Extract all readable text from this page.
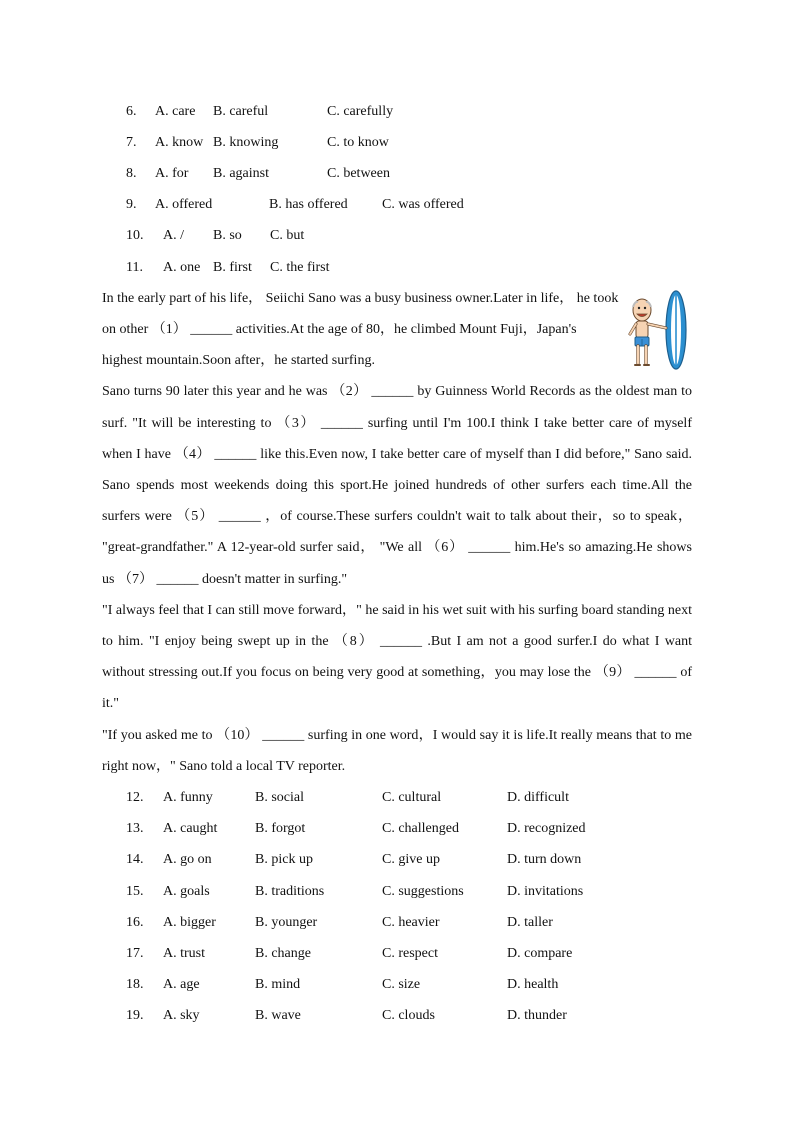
6. A. care B. careful	C. carefully
7. A. know B. knowing	C. to know
8. A. for B. against	C. between
9. A. offered	B. has offered C. was offered
10. A. / B. so C. but
11. A. one B. first C. the first
In the early part of his life， Seiichi Sano was a busy business owner.Later in life， he took
on other （1） ______ activities.At the age of 80，he climbed Mount Fuji，Japan's
highest mountain.Soon after，he started surfing.
Sano turns 90 later this year and he was （2） ______ by Guinness World Records as the oldest man to
surf. "It will be interesting to （3） ______ surfing until I'm 100.I think I take better care of myself
when I have （4） ______ like this.Even now, I take better care of myself than I did before," Sano said.
Sano spends most weekends doing this sport.He joined hundreds of other surfers each time.All the
surfers were （5） ______ ，of course.These surfers couldn't wait to talk about their，so to speak，
"great-grandfather." A 12-year-old surfer said， "We all （6） ______ him.He's so amazing.He shows
us （7） ______ doesn't matter in surfing."
"I always feel that I can still move forward，" he said in his wet suit with his surfing board standing next
to him. "I enjoy being swept up in the （8） ______ .But I am not a good surfer.I do what I want
without stressing out.If you focus on being very good at something，you may lose the （9） ______ of
it."
"If you asked me to （10） ______ surfing in one word，I would say it is life.It really means that to me
right now，" Sano told a local TV reporter.
12. A. funny	B. social	C. cultural	D. difficult
13. A. caught	B. forgot	C. challenged	D. recognized
14. A. go on	B. pick up	C. give up	D. turn down
15. A. goals	B. traditions	C. suggestions	D. invitations
16. A. bigger	B. younger	C. heavier	D. taller
17. A. trust	B. change	C. respect	D. compare
18. A. age	B. mind	C. size	D. health
19. A. sky	B. wave	C. clouds	D. thunder
